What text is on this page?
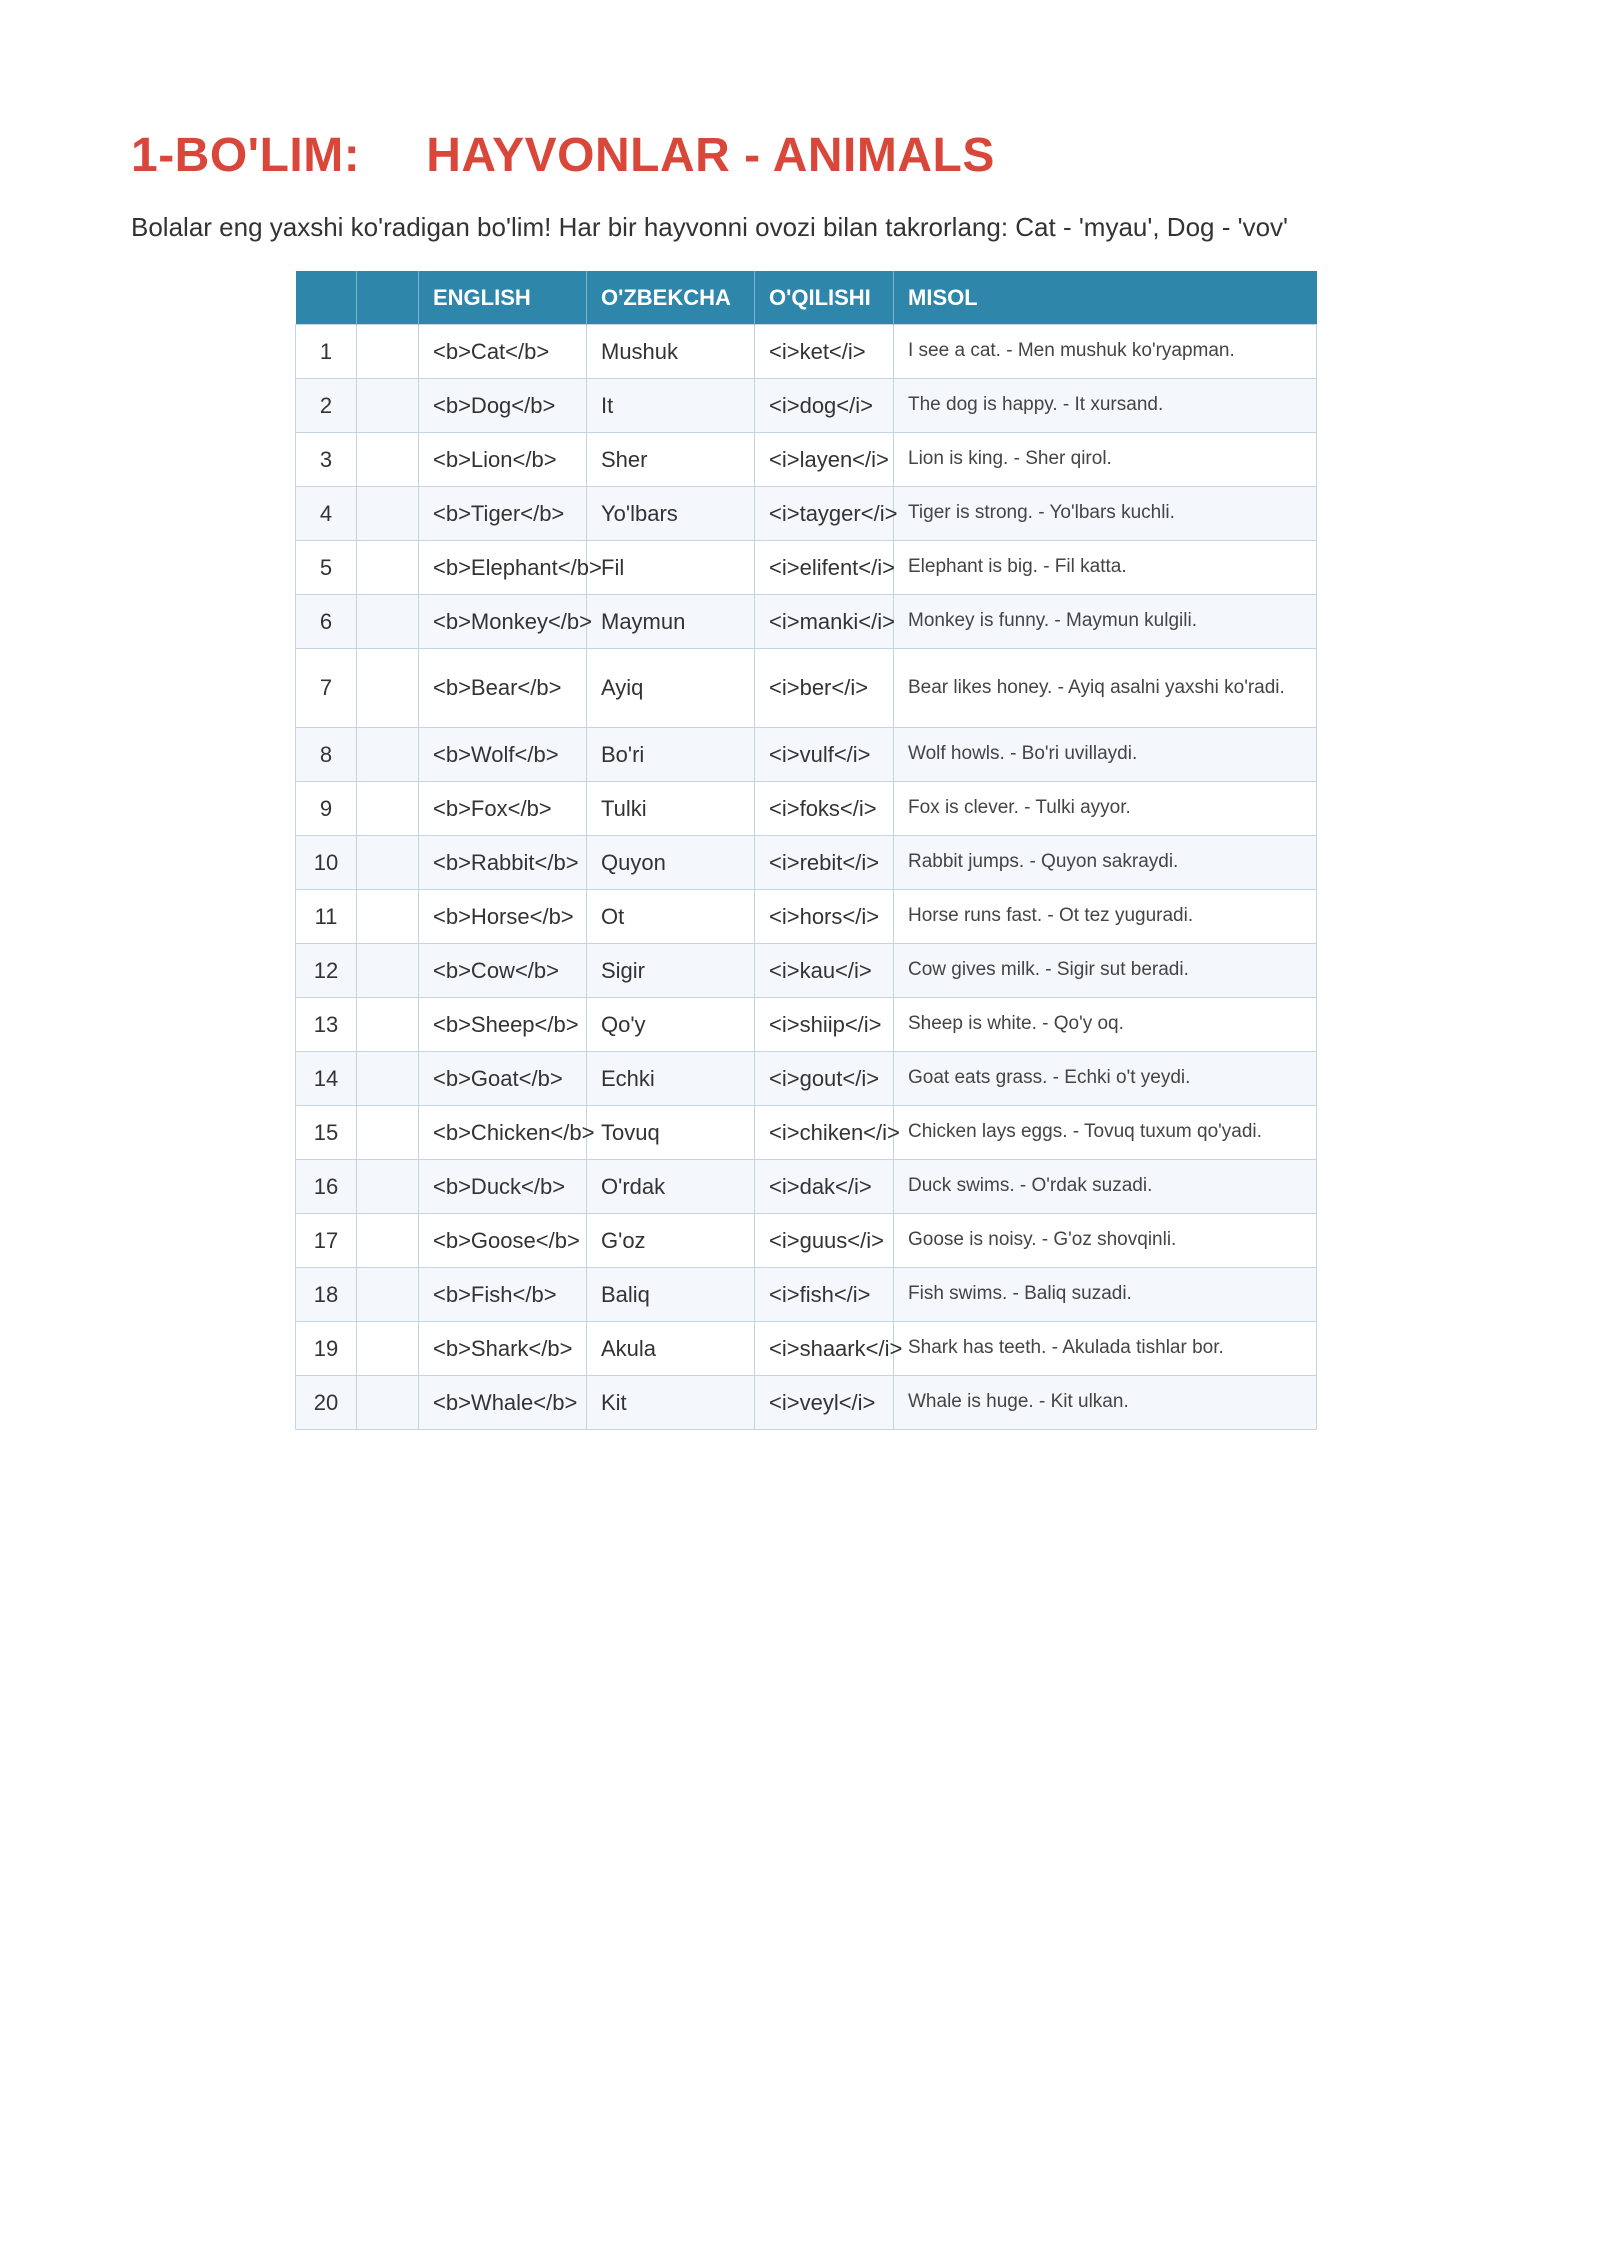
1-BO'LIM: HAYVONLAR - ANIMALS

Bolalar eng yaxshi ko'radigan bo'lim! Har bir hayvonni ovozi bilan takrorlang: Cat - 'myau', Dog - 'vov'

		ENGLISH	O'ZBEKCHA	O'QILISHI	MISOL
1		<b>Cat</b>	Mushuk	<i>ket</i>	I see a cat. - Men mushuk ko'ryapman.
2		<b>Dog</b>	It	<i>dog</i>	The dog is happy. - It xursand.
3		<b>Lion</b>	Sher	<i>layen</i>	Lion is king. - Sher qirol.
4		<b>Tiger</b>	Yo'lbars	<i>tayger</i>	Tiger is strong. - Yo'lbars kuchli.
5		<b>Elephant</b>	Fil	<i>elifent</i>	Elephant is big. - Fil katta.
6		<b>Monkey</b>	Maymun	<i>manki</i>	Monkey is funny. - Maymun kulgili.
7		<b>Bear</b>	Ayiq	<i>ber</i>	Bear likes honey. - Ayiq asalni yaxshi ko'radi.
8		<b>Wolf</b>	Bo'ri	<i>vulf</i>	Wolf howls. - Bo'ri uvillaydi.
9		<b>Fox</b>	Tulki	<i>foks</i>	Fox is clever. - Tulki ayyor.
10		<b>Rabbit</b>	Quyon	<i>rebit</i>	Rabbit jumps. - Quyon sakraydi.
11		<b>Horse</b>	Ot	<i>hors</i>	Horse runs fast. - Ot tez yuguradi.
12		<b>Cow</b>	Sigir	<i>kau</i>	Cow gives milk. - Sigir sut beradi.
13		<b>Sheep</b>	Qo'y	<i>shiip</i>	Sheep is white. - Qo'y oq.
14		<b>Goat</b>	Echki	<i>gout</i>	Goat eats grass. - Echki o't yeydi.
15		<b>Chicken</b>	Tovuq	<i>chiken</i>	Chicken lays eggs. - Tovuq tuxum qo'yadi.
16		<b>Duck</b>	O'rdak	<i>dak</i>	Duck swims. - O'rdak suzadi.
17		<b>Goose</b>	G'oz	<i>guus</i>	Goose is noisy. - G'oz shovqinli.
18		<b>Fish</b>	Baliq	<i>fish</i>	Fish swims. - Baliq suzadi.
19		<b>Shark</b>	Akula	<i>shaark</i>	Shark has teeth. - Akulada tishlar bor.
20		<b>Whale</b>	Kit	<i>veyl</i>	Whale is huge. - Kit ulkan.
